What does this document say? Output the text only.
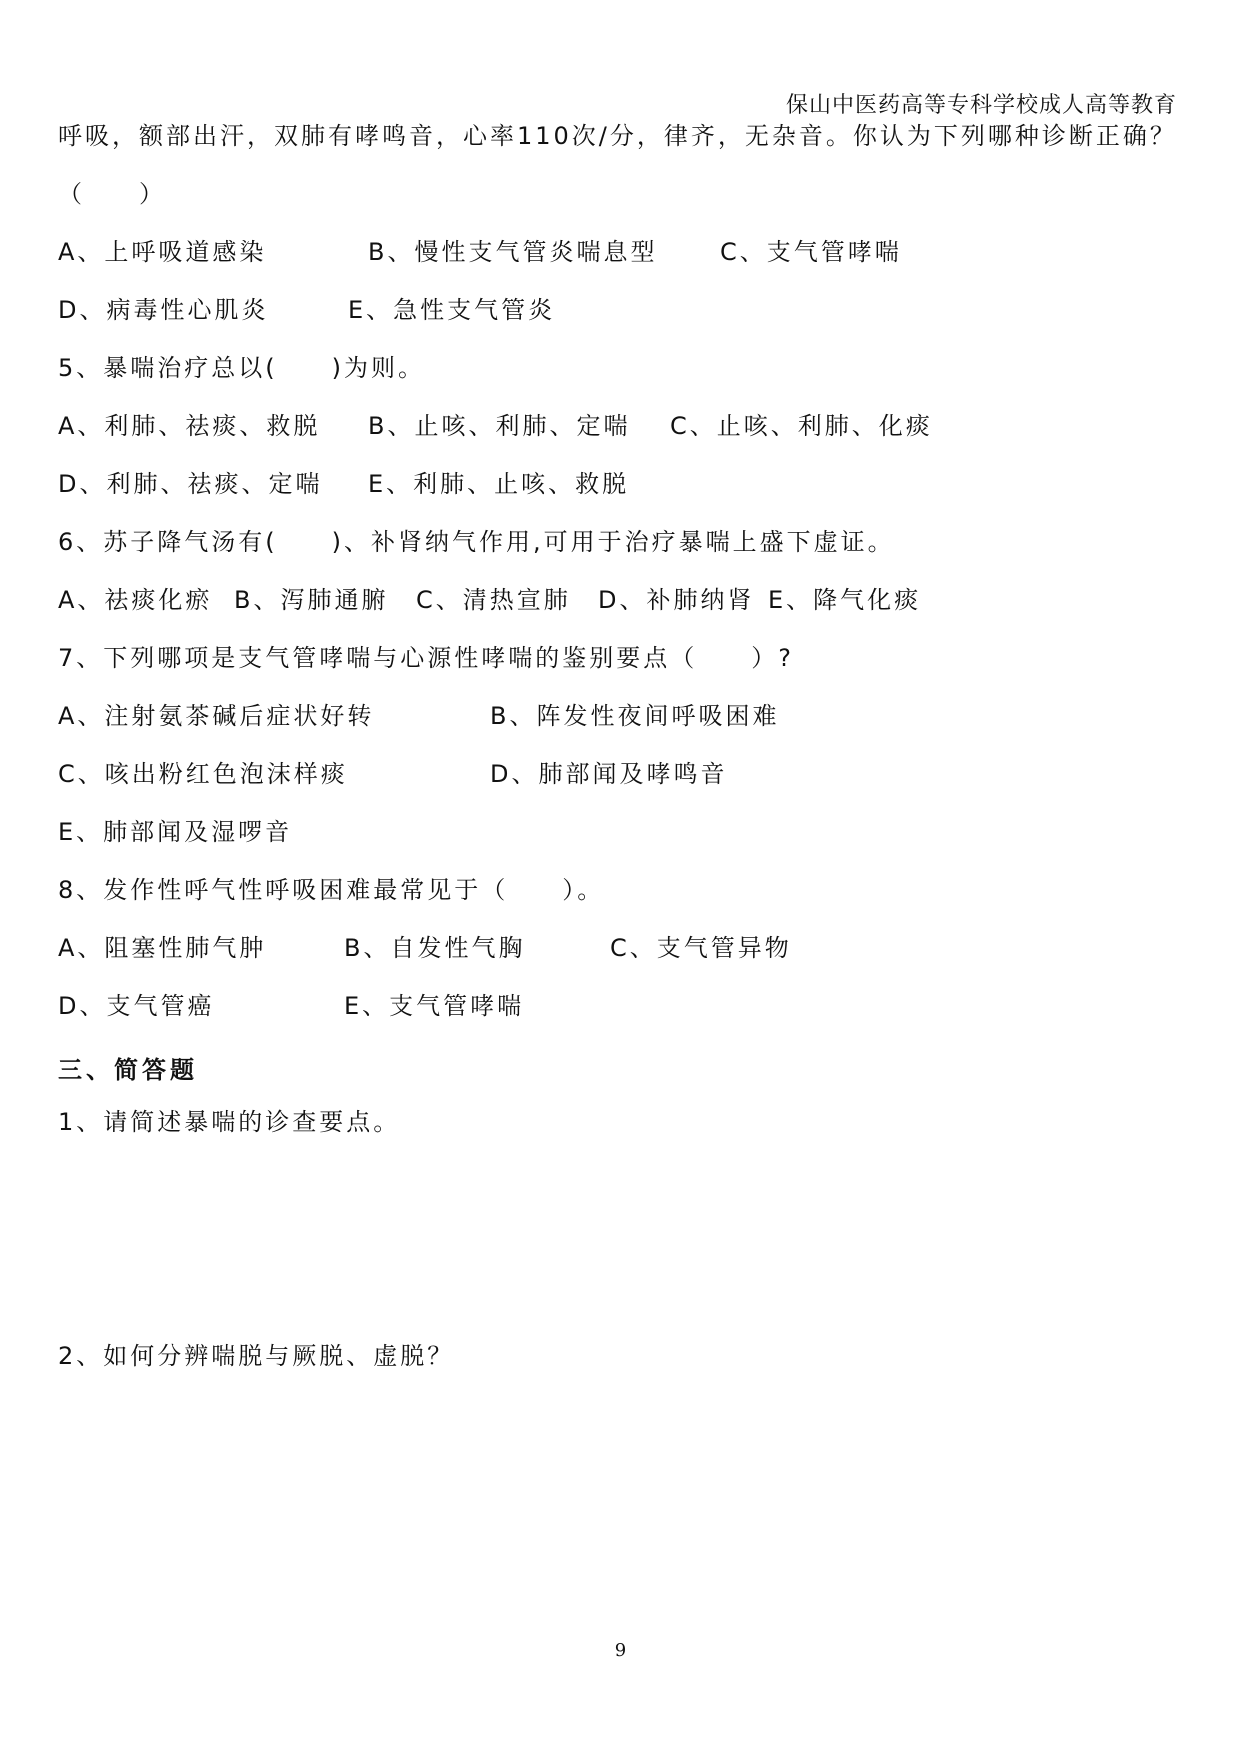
保山中医药高等专科学校成人高等教育
呼吸，额部出汗，双肺有哮鸣音，心率110次/分，律齐，无杂音。你认为下列哪种诊断正确？
（　　）
A、上呼吸道感染	B、慢性支气管炎喘息型	C、支气管哮喘
D、病毒性心肌炎	E、急性支气管炎
5、暴喘治疗总以(　　)为则。
A、利肺、祛痰、救脱 B、止咳、利肺、定喘 C、止咳、利肺、化痰
D、利肺、祛痰、定喘 E、利肺、止咳、救脱
6、苏子降气汤有(　　)、补肾纳气作用,可用于治疗暴喘上盛下虚证。
A、祛痰化瘀 B、泻肺通腑 C、清热宣肺 D、补肺纳肾 E、降气化痰
7、下列哪项是支气管哮喘与心源性哮喘的鉴别要点（　　）?
A、注射氨茶碱后症状好转	B、阵发性夜间呼吸困难
C、咳出粉红色泡沫样痰	D、肺部闻及哮鸣音
E、肺部闻及湿啰音
8、发作性呼气性呼吸困难最常见于（　　）。
A、阻塞性肺气肿	B、自发性气胸	C、支气管异物
D、支气管癌	E、支气管哮喘
三、简答题
1、请简述暴喘的诊查要点。
2、如何分辨喘脱与厥脱、虚脱？
9
